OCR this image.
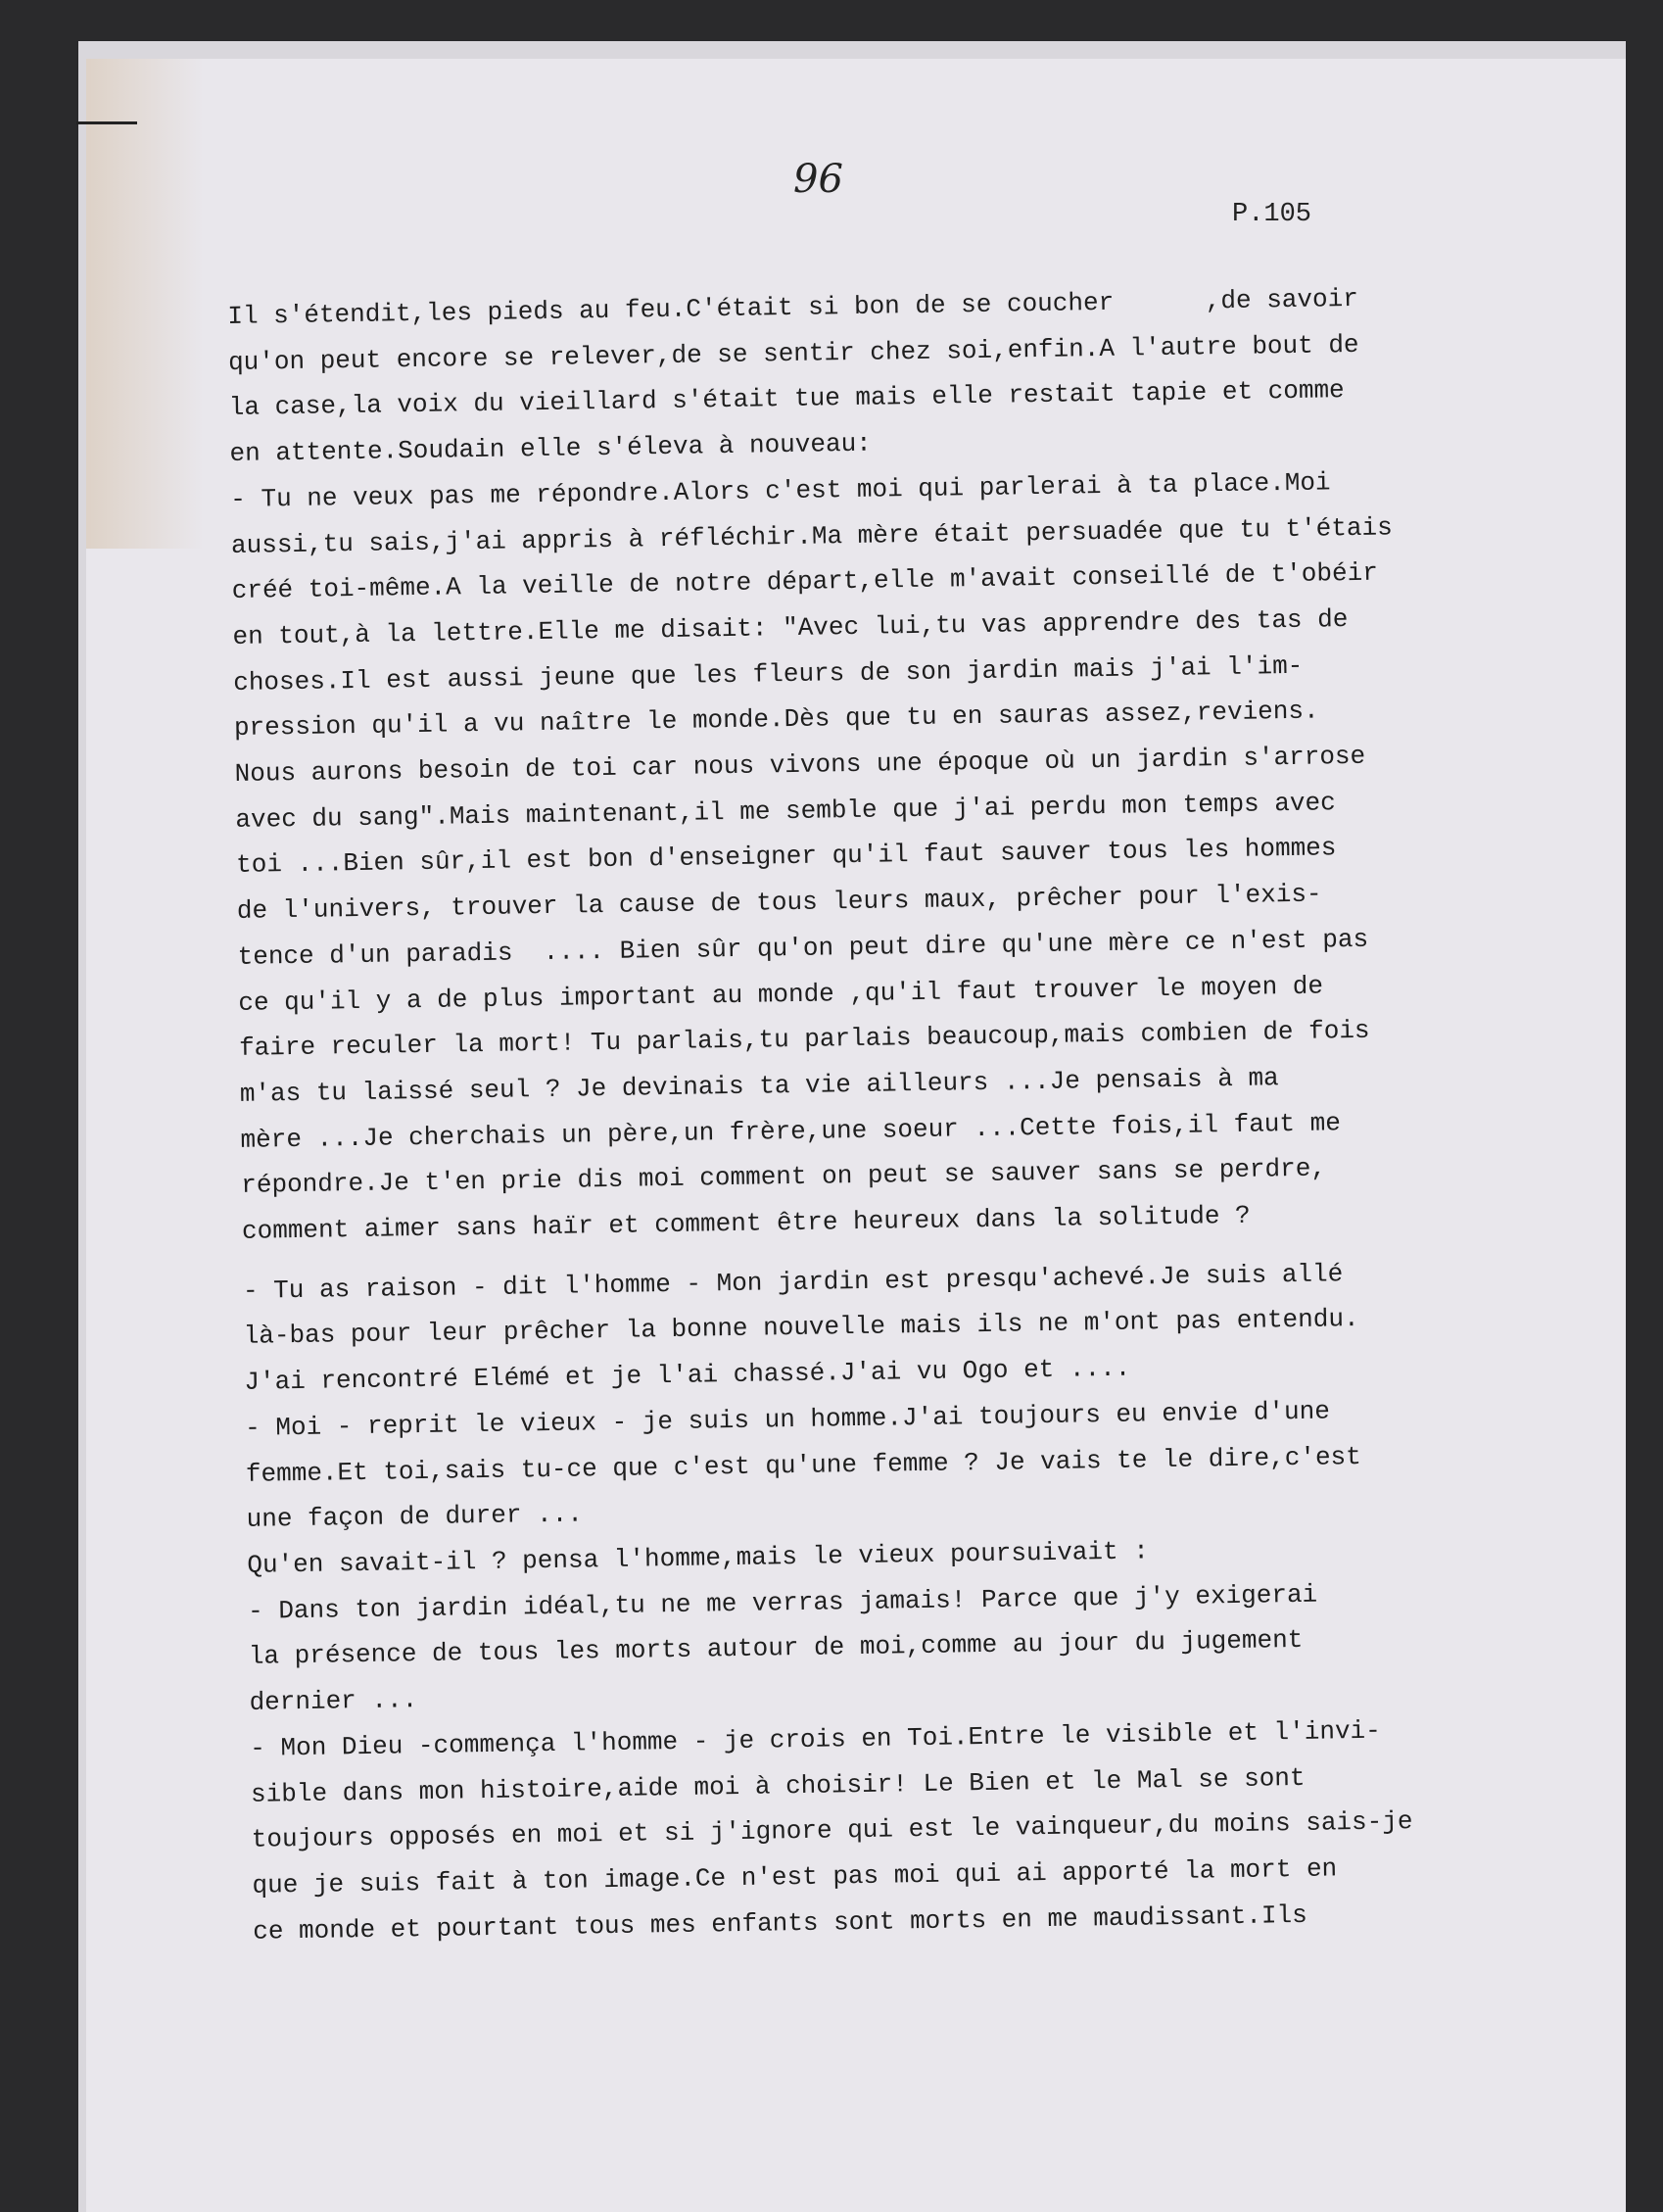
96
P.105
Il s'étendit,les pieds au feu.C'était si bon de se coucher      ,de savoir
qu'on peut encore se relever,de se sentir chez soi,enfin.A l'autre bout de
la case,la voix du vieillard s'était tue mais elle restait tapie et comme
en attente.Soudain elle s'éleva à nouveau:
- Tu ne veux pas me répondre.Alors c'est moi qui parlerai à ta place.Moi
aussi,tu sais,j'ai appris à réfléchir.Ma mère était persuadée que tu t'étais
créé toi-même.A la veille de notre départ,elle m'avait conseillé de t'obéir
en tout,à la lettre.Elle me disait: "Avec lui,tu vas apprendre des tas de
choses.Il est aussi jeune que les fleurs de son jardin mais j'ai l'im-
pression qu'il a vu naître le monde.Dès que tu en sauras assez,reviens.
Nous aurons besoin de toi car nous vivons une époque où un jardin s'arrose
avec du sang".Mais maintenant,il me semble que j'ai perdu mon temps avec
toi ...Bien sûr,il est bon d'enseigner qu'il faut sauver tous les hommes
de l'univers, trouver la cause de tous leurs maux, prêcher pour l'exis-
tence d'un paradis  .... Bien sûr qu'on peut dire qu'une mère ce n'est pas
ce qu'il y a de plus important au monde ,qu'il faut trouver le moyen de
faire reculer la mort! Tu parlais,tu parlais beaucoup,mais combien de fois
m'as tu laissé seul ? Je devinais ta vie ailleurs ...Je pensais à ma
mère ...Je cherchais un père,un frère,une soeur ...Cette fois,il faut me
répondre.Je t'en prie dis moi comment on peut se sauver sans se perdre,
comment aimer sans haïr et comment être heureux dans la solitude ?
- Tu as raison - dit l'homme - Mon jardin est presqu'achevé.Je suis allé
là-bas pour leur prêcher la bonne nouvelle mais ils ne m'ont pas entendu.
J'ai rencontré Elémé et je l'ai chassé.J'ai vu Ogo et ....
- Moi - reprit le vieux - je suis un homme.J'ai toujours eu envie d'une
femme.Et toi,sais tu-ce que c'est qu'une femme ? Je vais te le dire,c'est
une façon de durer ...
Qu'en savait-il ? pensa l'homme,mais le vieux poursuivait :
- Dans ton jardin idéal,tu ne me verras jamais! Parce que j'y exigerai
la présence de tous les morts autour de moi,comme au jour du jugement
dernier ...
- Mon Dieu -commença l'homme - je crois en Toi.Entre le visible et l'invi-
sible dans mon histoire,aide moi à choisir! Le Bien et le Mal se sont
toujours opposés en moi et si j'ignore qui est le vainqueur,du moins sais-je
que je suis fait à ton image.Ce n'est pas moi qui ai apporté la mort en
ce monde et pourtant tous mes enfants sont morts en me maudissant.Ils
